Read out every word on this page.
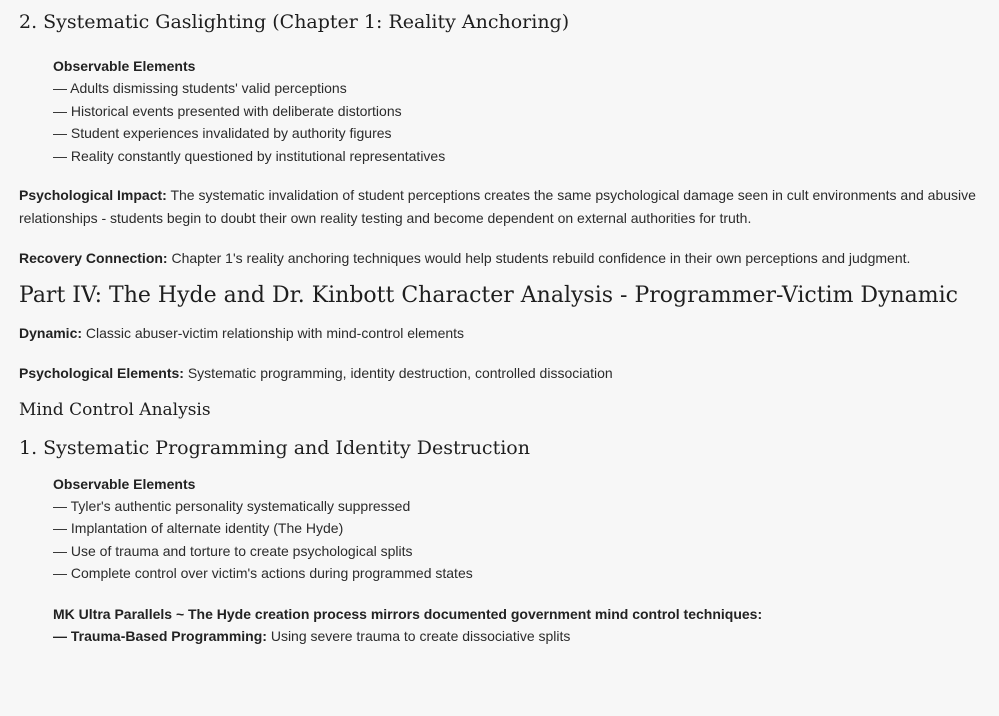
2. Systematic Gaslighting (Chapter 1: Reality Anchoring)
Observable Elements
— Adults dismissing students' valid perceptions
— Historical events presented with deliberate distortions
— Student experiences invalidated by authority figures
— Reality constantly questioned by institutional representatives

Psychological Impact: The systematic invalidation of student perceptions creates the same psychological damage seen in cult environments and abusive relationships - students begin to doubt their own reality testing and become dependent on external authorities for truth.

Recovery Connection: Chapter 1's reality anchoring techniques would help students rebuild confidence in their own perceptions and judgment.

Part IV: The Hyde and Dr. Kinbott Character Analysis - Programmer-Victim Dynamic

Dynamic: Classic abuser-victim relationship with mind-control elements

Psychological Elements: Systematic programming, identity destruction, controlled dissociation

Mind Control Analysis
1. Systematic Programming and Identity Destruction
Observable Elements
— Tyler's authentic personality systematically suppressed
— Implantation of alternate identity (The Hyde)
— Use of trauma and torture to create psychological splits
— Complete control over victim's actions during programmed states
MK Ultra Parallels ~ The Hyde creation process mirrors documented government mind control techniques:
— Trauma-Based Programming: Using severe trauma to create dissociative splits
